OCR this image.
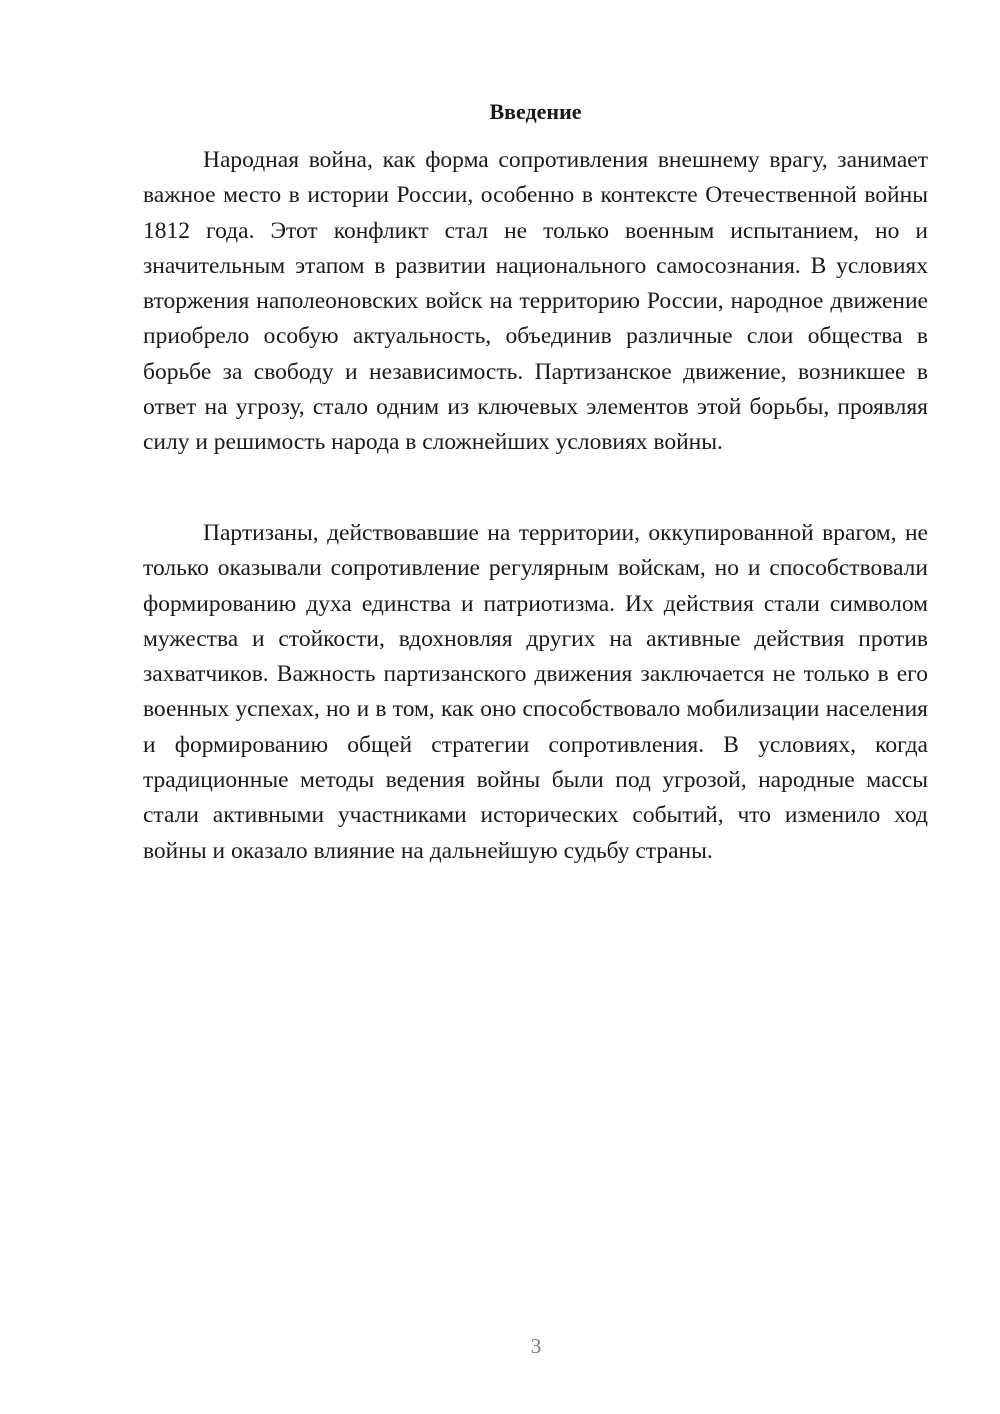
Введение

Народная война, как форма сопротивления внешнему врагу, занимает важное место в истории России, особенно в контексте Отечественной войны 1812 года. Этот конфликт стал не только военным испытанием, но и значительным этапом в развитии национального самосознания. В условиях вторжения наполеоновских войск на территорию России, народное движение приобрело особую актуальность, объединив различные слои общества в борьбе за свободу и независимость. Партизанское движение, возникшее в ответ на угрозу, стало одним из ключевых элементов этой борьбы, проявляя силу и решимость народа в сложнейших условиях войны.

Партизаны, действовавшие на территории, оккупированной врагом, не только оказывали сопротивление регулярным войскам, но и способствовали формированию духа единства и патриотизма. Их действия стали символом мужества и стойкости, вдохновляя других на активные действия против захватчиков. Важность партизанского движения заключается не только в его военных успехах, но и в том, как оно способствовало мобилизации населения и формированию общей стратегии сопротивления. В условиях, когда традиционные методы ведения войны были под угрозой, народные массы стали активными участниками исторических событий, что изменило ход войны и оказало влияние на дальнейшую судьбу страны.

3
